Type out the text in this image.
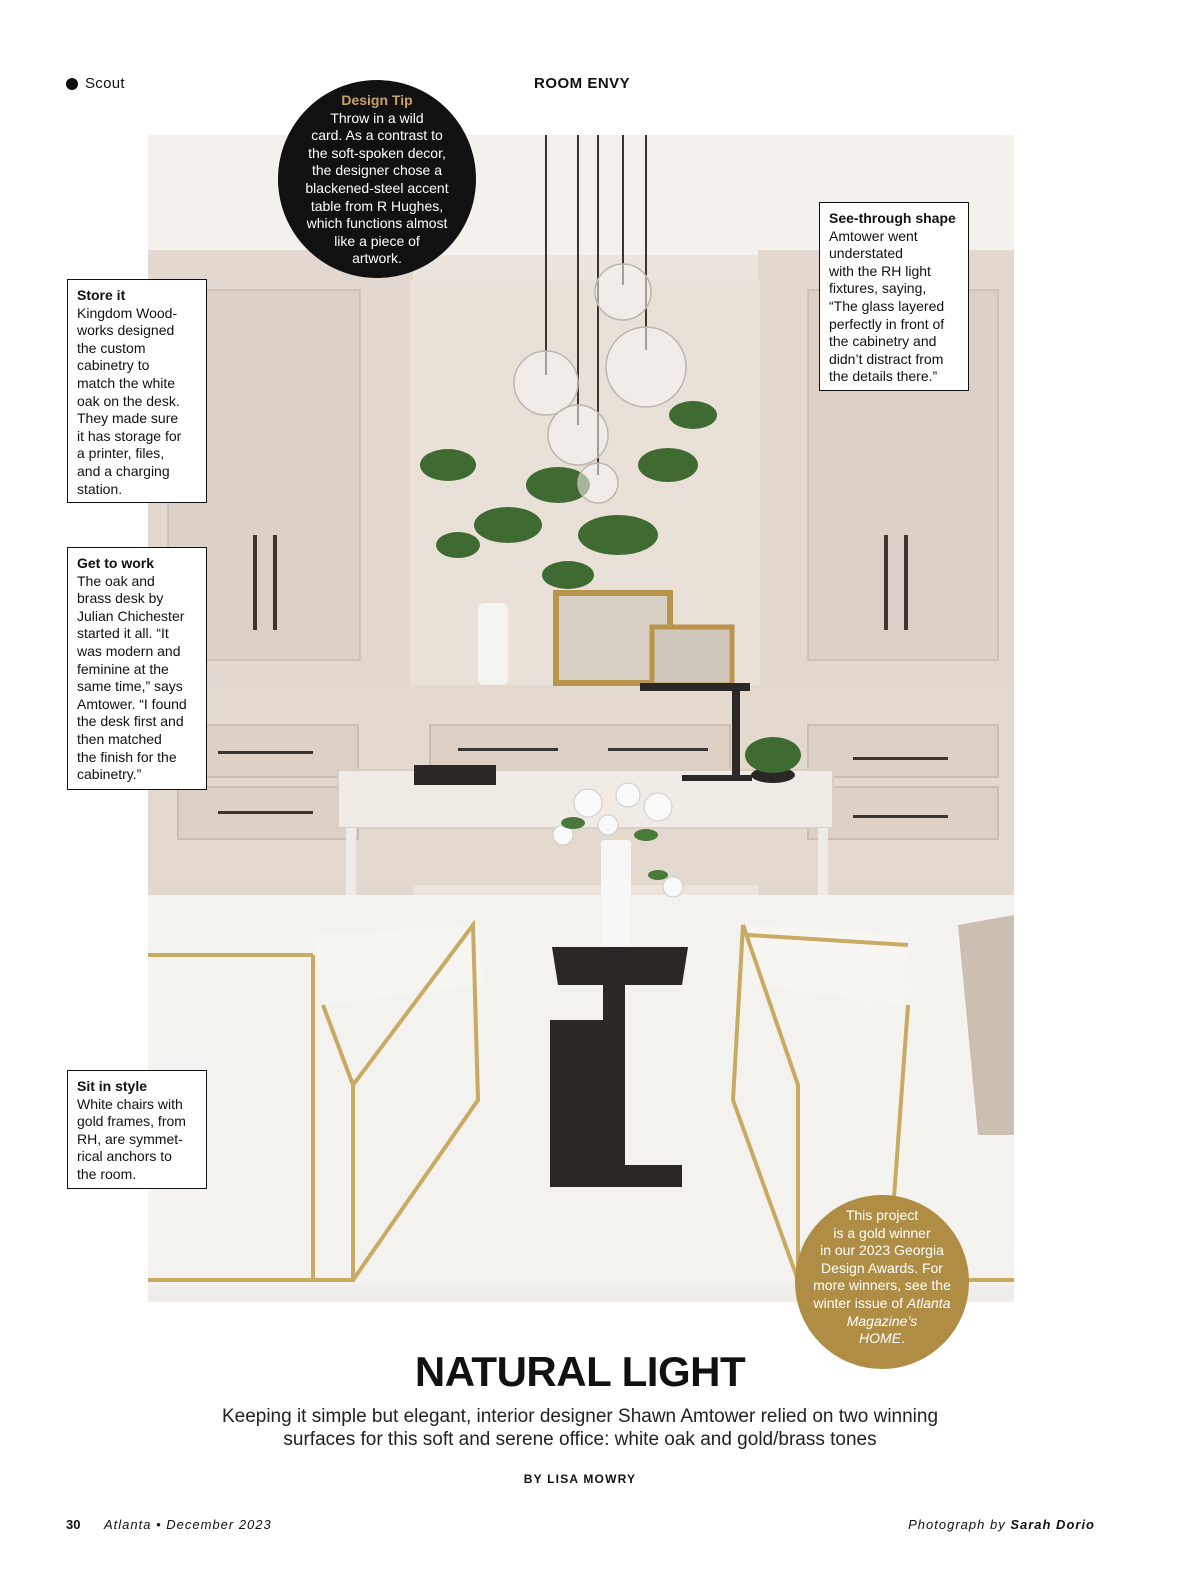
Scout	ROOM ENVY
Design Tip
Throw in a wild
card. As a contrast to
the soft-spoken decor,
the designer chose a
blackened-steel accent
table from R Hughes,
which functions almost
like a piece of
artwork.
Store it
Kingdom Wood-
works designed
the custom
cabinetry to
match the white
oak on the desk.
They made sure
it has storage for
a printer, files,
and a charging
station.
Get to work
The oak and
brass desk by
Julian Chichester
started it all. “It
was modern and
feminine at the
same time,” says
Amtower. “I found
the desk first and
then matched
the finish for the
cabinetry.”
Sit in style
White chairs with
gold frames, from
RH, are symmet-
rical anchors to
the room.
See-through shape
Amtower went
understated
with the RH light
fixtures, saying,
“The glass layered
perfectly in front of
the cabinetry and
didn’t distract from
the details there.”
This project
is a gold winner
in our 2023 Georgia
Design Awards. For
more winners, see the
winter issue of Atlanta
Magazine’s
HOME.
NATURAL LIGHT
Keeping it simple but elegant, interior designer Shawn Amtower relied on two winning
surfaces for this soft and serene office: white oak and gold/brass tones
BY LISA MOWRY
30 Atlanta • December 2023	Photograph by Sarah Dorio
